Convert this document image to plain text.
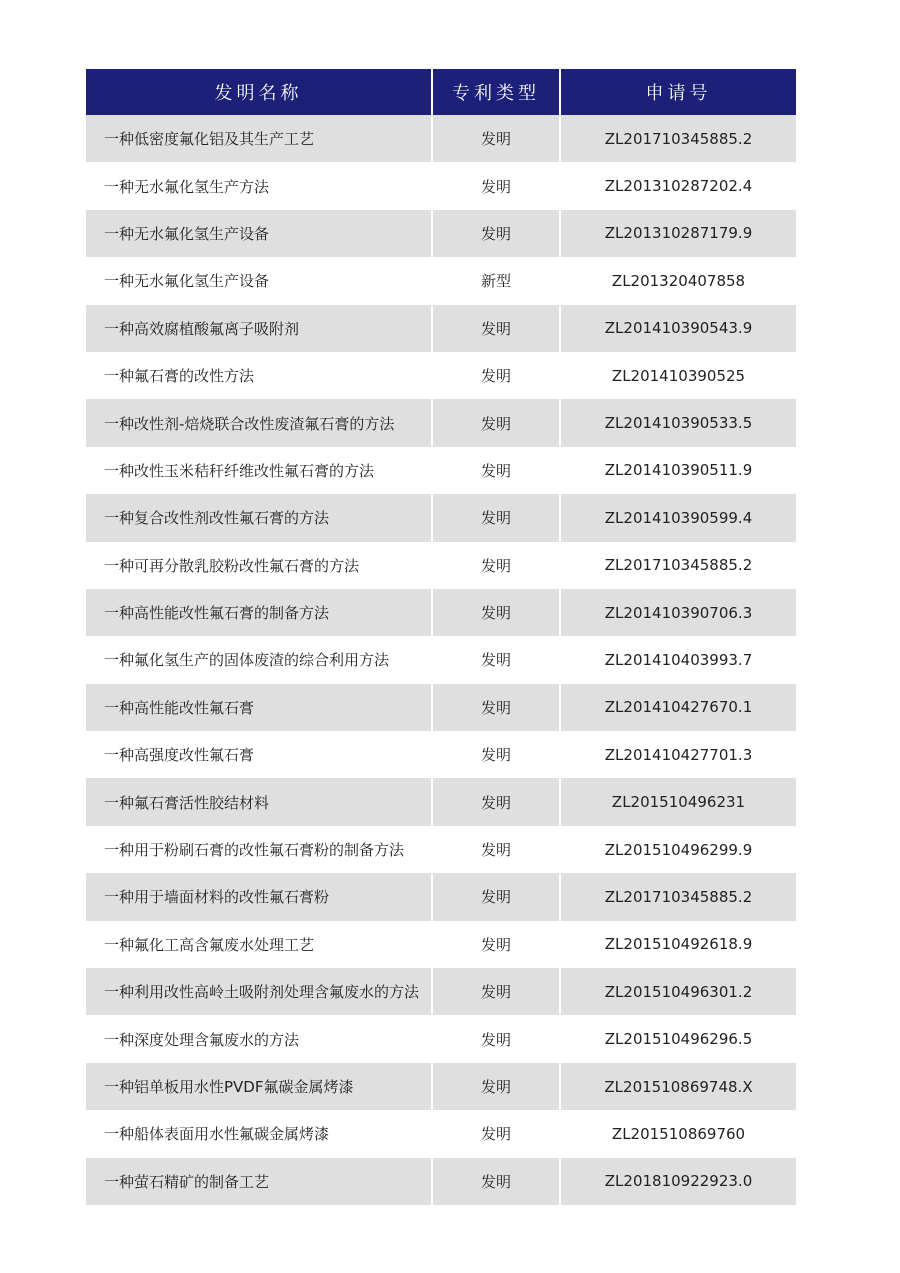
发明名称	专利类型	申请号
一种低密度氟化铝及其生产工艺	发明	ZL201710345885.2
一种无水氟化氢生产方法	发明	ZL201310287202.4
一种无水氟化氢生产设备	发明	ZL201310287179.9
一种无水氟化氢生产设备	新型	ZL201320407858
一种高效腐植酸氟离子吸附剂	发明	ZL201410390543.9
一种氟石膏的改性方法	发明	ZL201410390525
一种改性剂-焙烧联合改性废渣氟石膏的方法	发明	ZL201410390533.5
一种改性玉米秸秆纤维改性氟石膏的方法	发明	ZL201410390511.9
一种复合改性剂改性氟石膏的方法	发明	ZL201410390599.4
一种可再分散乳胶粉改性氟石膏的方法	发明	ZL201710345885.2
一种高性能改性氟石膏的制备方法	发明	ZL201410390706.3
一种氟化氢生产的固体废渣的综合利用方法	发明	ZL201410403993.7
一种高性能改性氟石膏	发明	ZL201410427670.1
一种高强度改性氟石膏	发明	ZL201410427701.3
一种氟石膏活性胶结材料	发明	ZL201510496231
一种用于粉刷石膏的改性氟石膏粉的制备方法	发明	ZL201510496299.9
一种用于墙面材料的改性氟石膏粉	发明	ZL201710345885.2
一种氟化工高含氟废水处理工艺	发明	ZL201510492618.9
一种利用改性高岭土吸附剂处理含氟废水的方法	发明	ZL201510496301.2
一种深度处理含氟废水的方法	发明	ZL201510496296.5
一种铝单板用水性PVDF氟碳金属烤漆	发明	ZL201510869748.X
一种船体表面用水性氟碳金属烤漆	发明	ZL201510869760
一种萤石精矿的制备工艺	发明	ZL201810922923.0
